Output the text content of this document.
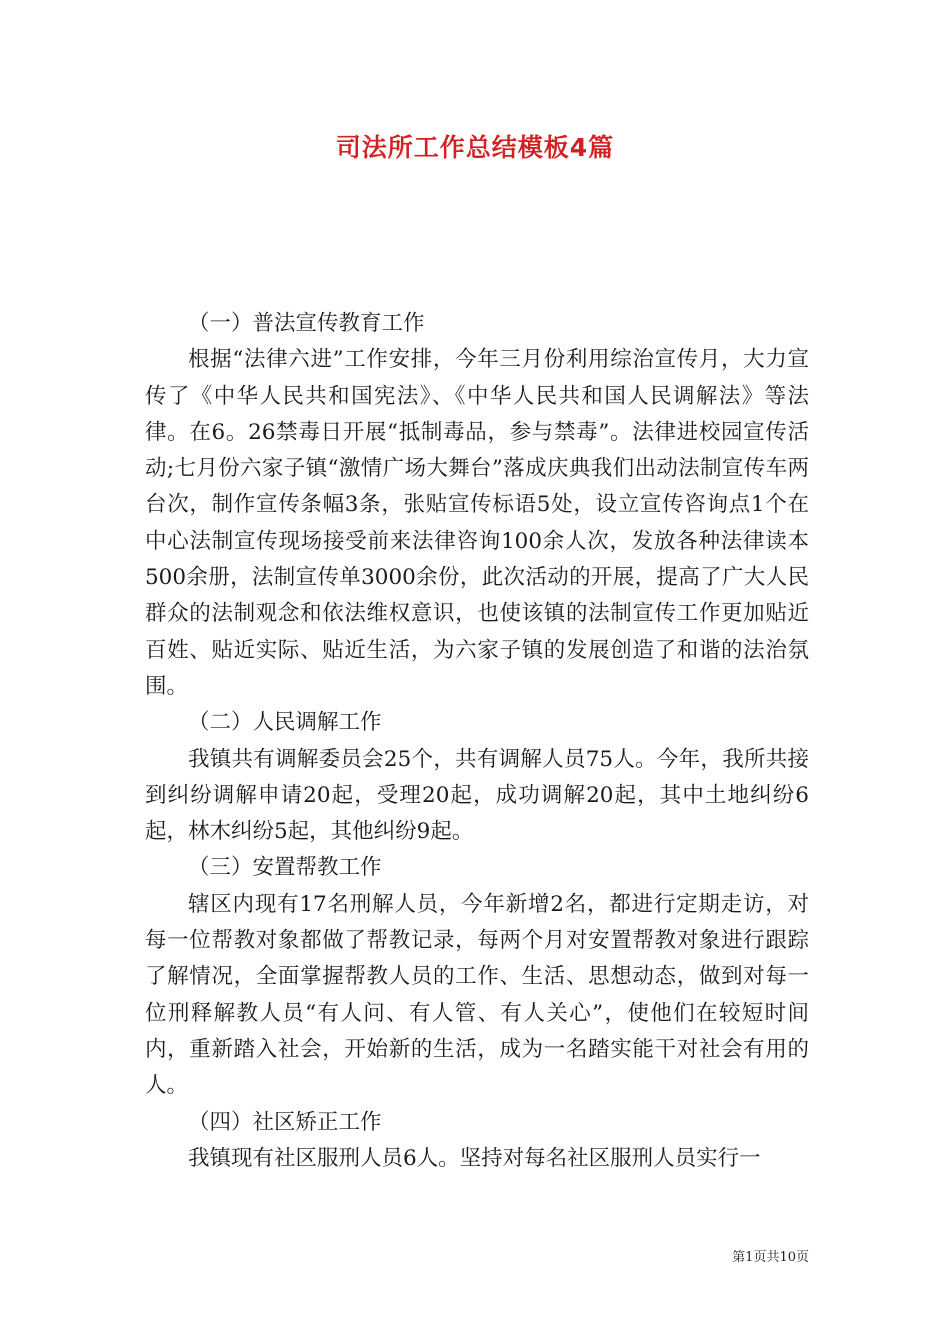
司法所工作总结模板4篇

（一）普法宣传教育工作

根据“法律六进”工作安排，今年三月份利用综治宣传月，大力宣传了《中华人民共和国宪法》、《中华人民共和国人民调解法》等法律。在6。26禁毒日开展“抵制毒品，参与禁毒”。法律进校园宣传活动;七月份六家子镇“激情广场大舞台”落成庆典我们出动法制宣传车两台次，制作宣传条幅3条，张贴宣传标语5处，设立宣传咨询点1个在中心法制宣传现场接受前来法律咨询100余人次，发放各种法律读本500余册，法制宣传单3000余份，此次活动的开展，提高了广大人民群众的法制观念和依法维权意识，也使该镇的法制宣传工作更加贴近百姓、贴近实际、贴近生活，为六家子镇的发展创造了和谐的法治氛围。

（二）人民调解工作

我镇共有调解委员会25个，共有调解人员75人。今年，我所共接到纠纷调解申请20起，受理20起，成功调解20起，其中土地纠纷6起，林木纠纷5起，其他纠纷9起。

（三）安置帮教工作

辖区内现有17名刑解人员，今年新增2名，都进行定期走访，对每一位帮教对象都做了帮教记录，每两个月对安置帮教对象进行跟踪了解情况，全面掌握帮教人员的工作、生活、思想动态，做到对每一位刑释解教人员“有人问、有人管、有人关心”，使他们在较短时间内，重新踏入社会，开始新的生活，成为一名踏实能干对社会有用的人。

（四）社区矫正工作

我镇现有社区服刑人员6人。坚持对每名社区服刑人员实行一

第1页共10页
